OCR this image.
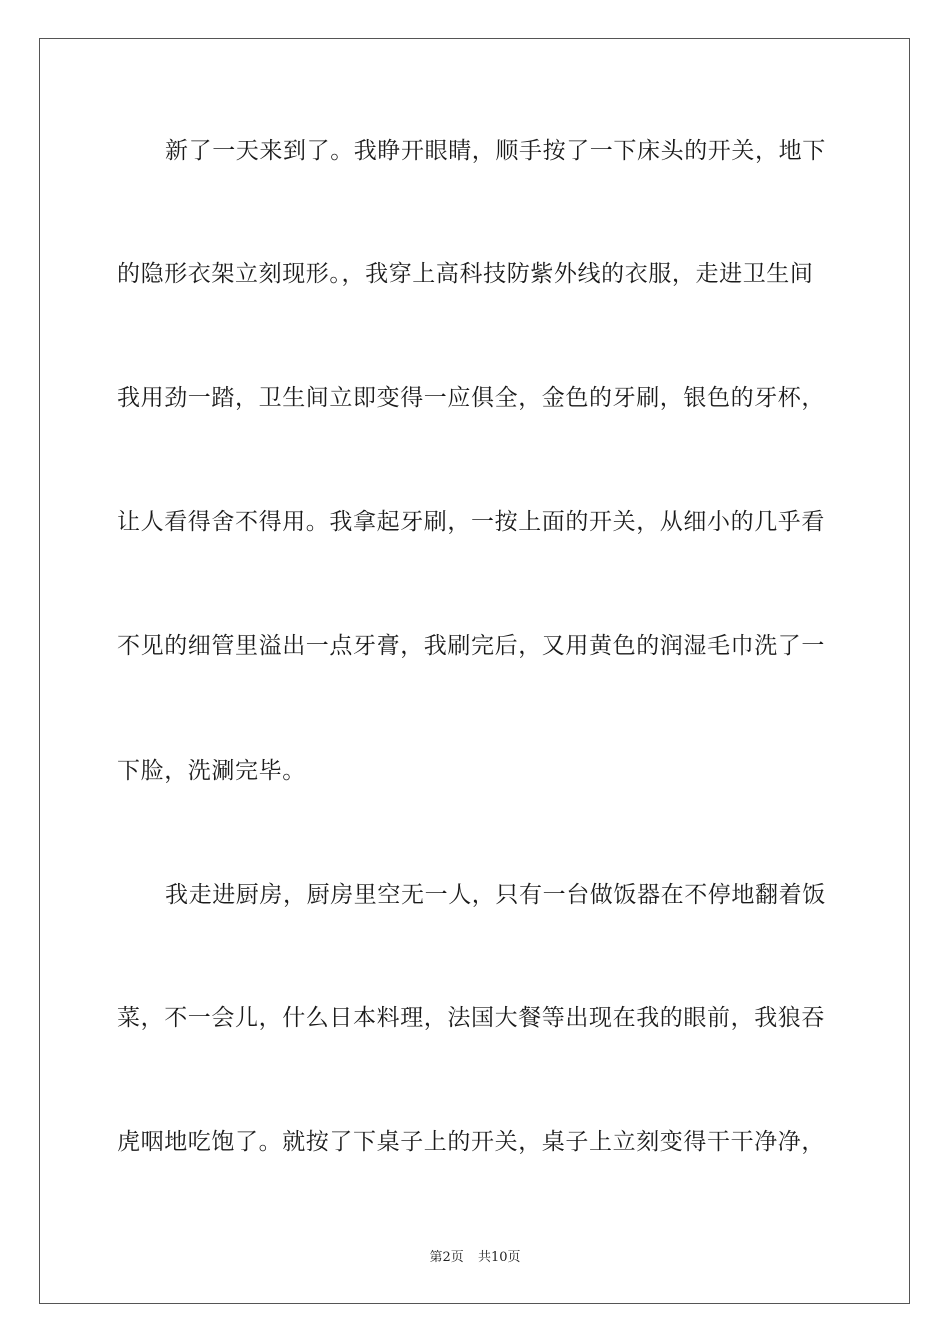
新了一天来到了。我睁开眼睛，顺手按了一下床头的开关，地下
的隐形衣架立刻现形。，我穿上高科技防紫外线的衣服，走进卫生间
我用劲一踏，卫生间立即变得一应俱全，金色的牙刷，银色的牙杯，
让人看得舍不得用。我拿起牙刷，一按上面的开关，从细小的几乎看
不见的细管里溢出一点牙膏，我刷完后，又用黄色的润湿毛巾洗了一
下脸，洗涮完毕。
我走进厨房，厨房里空无一人，只有一台做饭器在不停地翻着饭
菜，不一会儿，什么日本料理，法国大餐等出现在我的眼前，我狼吞
虎咽地吃饱了。就按了下桌子上的开关，桌子上立刻变得干干净净，
第2页 共10页
